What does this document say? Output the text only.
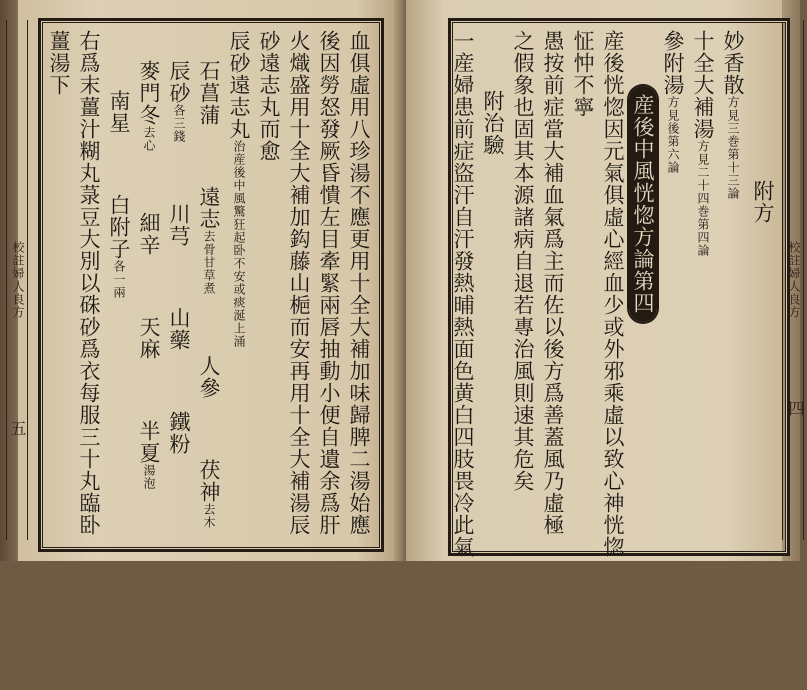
校註婦人良方	校註婦人良方
五
四
附方
妙香散方見三巻第十三論
十全大補湯方見二十四巻第四論
參附湯方見後第六論
産後中風恍惚方論第四
産後恍惚因元氣俱虛心經血少或外邪乘虛以致心神恍惚
怔忡不寧
愚按前症當大補血氣爲主而佐以後方爲善蓋風乃虛極
之假象也固其本源諸病自退若專治風則速其危矣
附治驗
一産婦患前症盜汗自汗發熱晡熱面色黄白四肢畏冷此氣
血俱虛用八珍湯不應更用十全大補加味歸脾二湯始應
後因勞怒發厥昏憒左目牽緊兩唇抽動小便自遺余爲肝
火熾盛用十全大補加鈎藤山梔而安再用十全大補湯辰
砂遠志丸而愈
辰砂遠志丸治産後中風驚狂起卧不安或痰涎上涌
石菖蒲遠志去骨甘草煮人參茯神去木
辰砂各三錢川芎山藥鐵粉
麥門冬去心細辛天麻半夏湯泡
南星白附子各一兩
右爲末薑汁糊丸菉豆大別以硃砂爲衣每服三十丸臨卧
薑湯下
